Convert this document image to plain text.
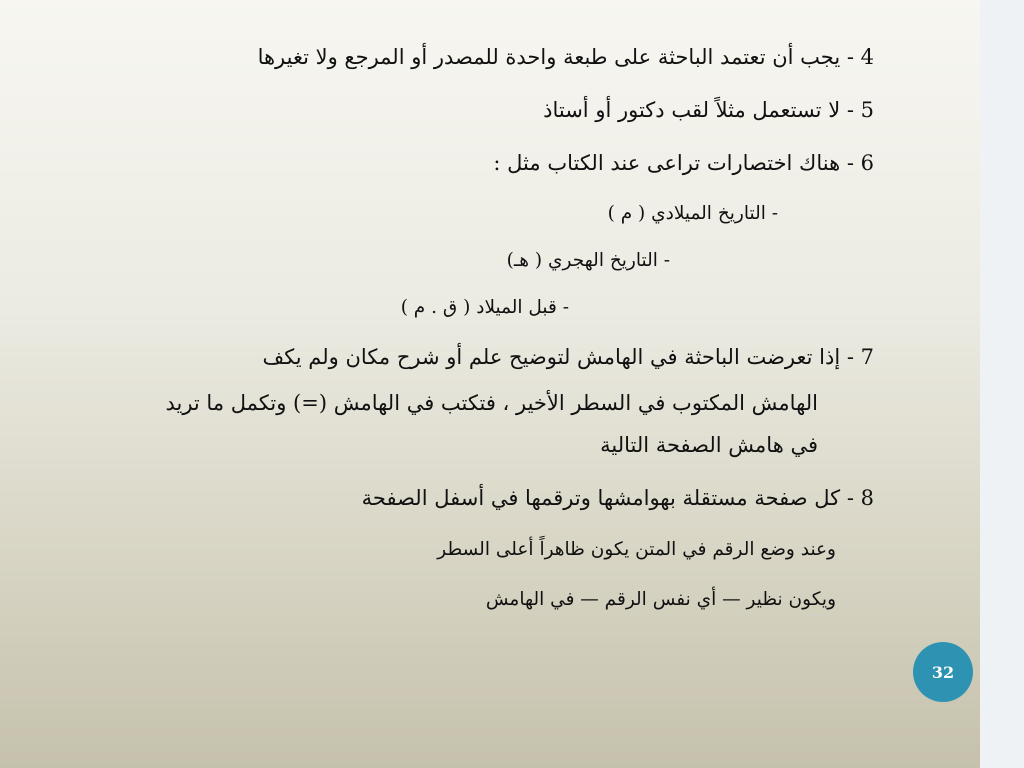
4 - يجب أن تعتمد الباحثة على طبعة واحدة للمصدر أو المرجع ولا تغيرها
5 - لا تستعمل مثلاً لقب دكتور أو أستاذ
6 - هناك اختصارات تراعى عند الكتاب مثل :
- التاريخ الميلادي ( م )
- التاريخ الهجري ( هـ)
- قبل الميلاد ( ق . م )
7 - إذا تعرضت الباحثة في الهامش لتوضيح علم أو شرح مكان ولم يكف
الهامش المكتوب في السطر الأخير ، فتكتب في الهامش (=) وتكمل ما تريد
في هامش الصفحة التالية
8 - كل صفحة مستقلة بهوامشها وترقمها في أسفل الصفحة
وعند وضع الرقم في المتن يكون ظاهراً أعلى السطر
ويكون نظير — أي نفس الرقم — في الهامش
32
